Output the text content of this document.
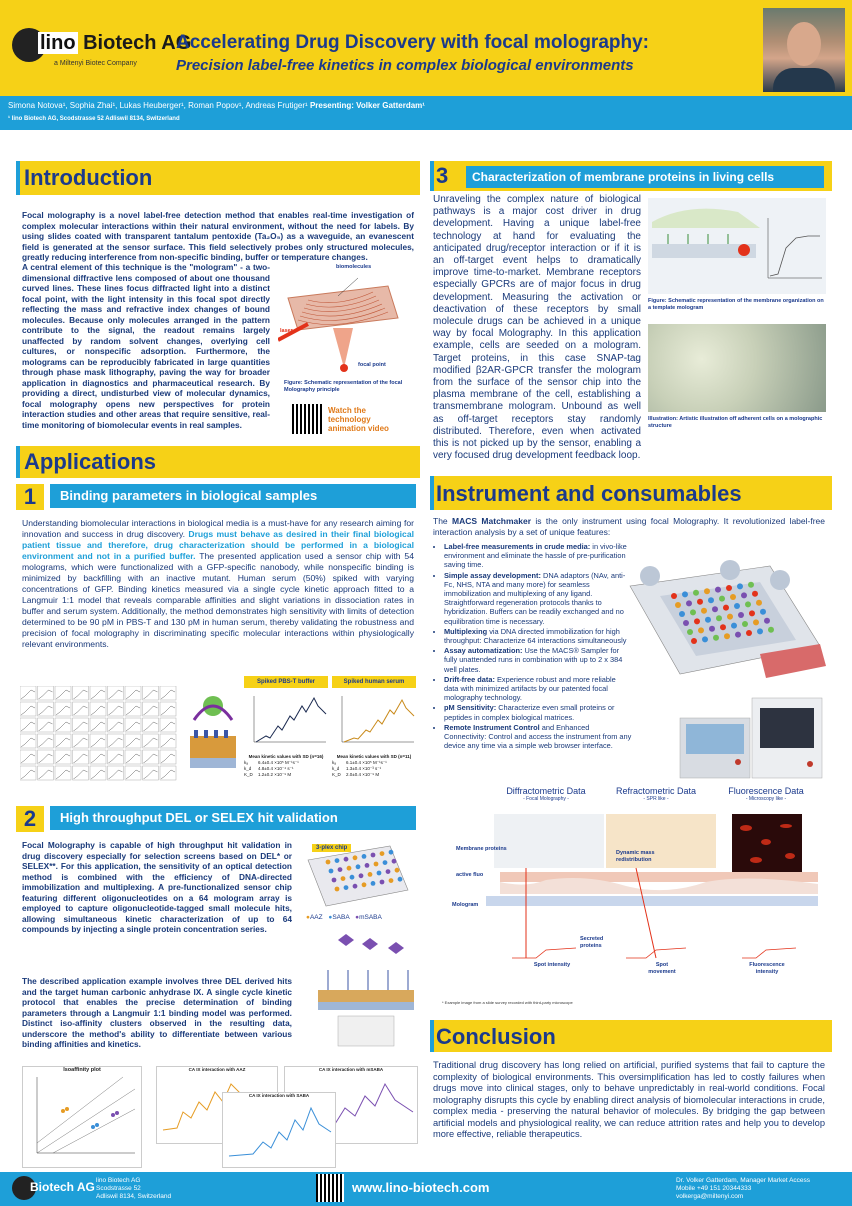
lino Biotech AG
a Miltenyi Biotec Company
Accelerating Drug Discovery with focal molography:
Precision label-free kinetics in complex biological environments
Simona Notova¹, Sophia Zhai¹, Lukas Heuberger¹, Roman Popov¹, Andreas Frutiger¹ Presenting: Volker Gatterdam¹
¹ lino Biotech AG, Scodstrasse 52 Adliswil 8134, Switzerland
Introduction
Focal molography is a novel label-free detection method that enables real-time investigation of complex molecular interactions within their natural environment, without the need for labels. By using slides coated with transparent tantalum pentoxide (Ta₂O₅) as a waveguide, an evanescent field is generated at the sensor surface. This field selectively probes only structured molecules, greatly reducing interference from non-specific binding, buffer or temperature changes.
A central element of this technique is the "mologram" - a two-dimensional diffractive lens composed of about one thousand curved lines. These lines focus diffracted light into a distinct focal point, with the light intensity in this focal spot directly reflecting the mass and refractive index changes of bound molecules. Because only molecules arranged in the pattern contribute to the signal, the readout remains largely unaffected by random solvent changes, overlying cell cultures, or nonspecific adsorption. Furthermore, the molograms can be reproducibly fabricated in large quantities through phase mask lithography, paving the way for broader application in diagnostics and pharmaceutical research. By providing a direct, undisturbed view of molecular dynamics, focal molography opens new perspectives for protein interaction studies and other areas that require sensitive, real-time monitoring of biomolecular events in real samples.
biomolecules
laser
focal point
Figure: Schematic representation of the focal Molography principle
Watch the technology animation video
Applications
1	Binding parameters in biological samples
Understanding biomolecular interactions in biological media is a must-have for any research aiming for innovation and success in drug discovery. Drugs must behave as desired in their final biological patient tissue and therefore, drug characterization should be performed in a biological environment and not in a purified buffer. The presented application used a sensor chip with 54 molograms, which were functionalized with a GFP-specific nanobody, while nonspecific binding is minimized by backfilling with an inactive mutant. Human serum (50%) spiked with varying concentrations of GFP. Binding kinetics measured via a single cycle kinetic approach fitted to a Langmuir 1:1 model that reveals comparable affinities and slight variations in dissociation rates in buffer and serum system. Additionally, the method demonstrates high sensitivity with limits of detection determined to be 90 pM in PBS-T and 130 pM in human serum, thereby validating the robustness and precision of focal molography in discriminating specific molecular interactions within physiologically relevant environments.
Spiked PBS-T buffer	Spiked human serum
Mean kinetic values with SD (n=16)
kₐ	6.4±0.4 ×10⁵ M⁻¹s⁻¹
k_d	4.8±0.4 ×10⁻⁴ s⁻¹
K_D	1.2±0.2 ×10⁻⁹ M
Mean kinetic values with SD (n=11)
kₐ	6.1±0.4 ×10⁵ M⁻¹s⁻¹
k_d	1.3±0.4 ×10⁻³ s⁻¹
K_D	2.0±0.4 ×10⁻⁹ M
2	High throughput DEL or SELEX hit validation
Focal Molography is capable of high throughput hit validation in drug discovery especially for selection screens based on DEL* or SELEX**. For this application, the sensitivity of an optical detection method is combined with the efficiency of DNA-directed immobilization and multiplexing. A pre-functionalized sensor chip featuring different oligonucleotides on a 64 mologram array is employed to capture oligonucleotide-tagged small molecule hits, allowing simultaneous kinetic characterization of up to 64 compounds by injecting a single protein concentration series.
The described application example involves three DEL derived hits and the target human carbonic anhydrase IX. A single cycle kinetic protocol that enables the precise determination of binding parameters through a Langmuir 1:1 binding model was performed. Distinct iso-affinity clusters observed in the resulting data, underscore the method's ability to differentiate between various binding affinities and kinetics.
3-plex chip
●AAZ ●SABA ●mSABA
Isoaffinity plot	CA IX interaction with AAZ	CA IX interaction with mSABA
CA IX interaction with SABA
3	Characterization of membrane proteins in living cells
Unraveling the complex nature of biological pathways is a major cost driver in drug development. Having a unique label-free technology at hand for evaluating the anticipated drug/receptor interaction or if it is an off-target event helps to dramatically improve time-to-market. Membrane receptors especially GPCRs are of major focus in drug development. Measuring the activation or deactivation of these receptors by small molecule drugs can be achieved in a unique way by focal Molography. In this application example, cells are seeded on a mologram. Target proteins, in this case SNAP-tag modified β2AR-GPCR transfer the mologram from the surface of the sensor chip into the plasma membrane of the cell, establishing a transmembrane mologram. Unbound as well as off-target receptors stay randomly distributed. Therefore, even when activated this is not picked up by the sensor, enabling a very focused drug development feedback loop.
Figure: Schematic representation of the membrane organization on a template mologram
Illustration: Artistic illustration off adherent cells on a molographic structure
Instrument and consumables
The MACS Matchmaker is the only instrument using focal Molography. It revolutionized label-free interaction analysis by a set of unique features:
• Label-free measurements in crude media: in vivo-like environment and eliminate the hassle of pre-purification saving time.
• Simple assay development: DNA adaptors (NAv, anti-Fc, NHS, NTA and many more) for seamless immobilization and multiplexing of any ligand. Straightforward regeneration protocols thanks to hybridization. Buffers can be readily exchanged and no equilibration time is necessary.
• Multiplexing via DNA directed immobilization for high throughput: Characterize 64 interactions simultaneously
• Assay automatization: Use the MACS® Sampler for fully unattended runs in combination with up to 2 x 384 well plates.
• Drift-free data: Experience robust and more reliable data with minimized artifacts by our patented focal molography technology.
• pM Sensitivity: Characterize even small proteins or peptides in complex biological matrices.
• Remote Instrument Control and Enhanced Connectivity: Control and access the instrument from any device any time via a simple web browser interface.
Diffractometric Data
- Focal Molography -
Refractometric Data
- SPR like -
Fluorescence Data
- Microscopy like -
Membrane proteins
active fluo
Mologram
Dynamic mass redistribution
Secreted proteins
Spot intensity	Spot movement
Fluorescence intensity
* Example image from a slide survey recorded with third-party microscope
Conclusion
Traditional drug discovery has long relied on artificial, purified systems that fail to capture the complexity of biological environments. This oversimplification has led to costly failures when drugs move into clinical stages, only to behave unpredictably in real-world conditions. Focal molography disrupts this cycle by enabling direct analysis of biomolecular interactions in crude, complex media - preserving the natural behavior of molecules. By bridging the gap between artificial models and physiological reality, we can reduce attrition rates and help you to develop more effective, reliable therapeutics.
Biotech AG lino Biotech AG
Scodstrasse 52
Adliswil 8134, Switzerland
www.lino-biotech.com	Dr. Volker Gatterdam, Manager Market Access
Mobile +49 151 20344333
volkerga@miltenyi.com
